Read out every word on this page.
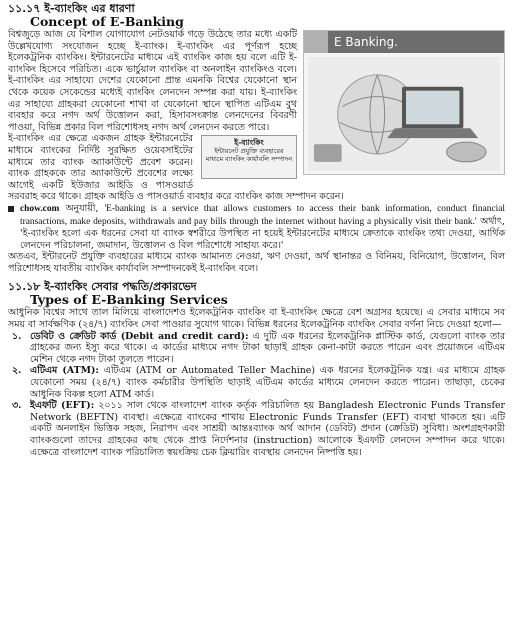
১১.১৭ ই-ব্যাংকিং এর ধারণা
Concept of E-Banking
E Banking.

বিশ্বজুড়ে আজ যে বিশাল যোগাযোগ নেটওয়ার্ক গড়ে উঠেছে তার মধ্যে একটি উল্লেখযোগ্য সংযোজন হচ্ছে ই-ব্যাংক। ই-ব্যাংকিং এর পূর্ণরূপ হচ্ছে ইলেকট্রনিক ব্যাংকিং। ইন্টারনেটের মাধ্যমে এই ব্যাংকিং কাজ হয় বলে এটি ই-ব্যাংকিং হিসেবে পরিচিত। একে ভার্চুয়াল ব্যাংকিং বা অনলাইন ব্যাংকিংও বলে। ই-ব্যাংকিং এর সাহায্যে দেশের যেকোনো প্রান্ত এমনকি বিশ্বের যেকোনো স্থান থেকে কয়েক সেকেন্ডের মধ্যেই ব্যাংকিং লেনদেন সম্পন্ন করা যায়। ই-ব্যাংকিং এর সাহায্যে গ্রাহকরা যেকোনো শাখা বা যেকোনো স্থানে স্থাপিত এটিএম বুথ ব্যবহার করে নগদ অর্থ উত্তোলন করা, হিসাবসংক্রান্ত লেনদেনের বিবরণী পাওয়া, বিভিন্ন প্রকার বিল পরিশোধসহ নগদ অর্থ লেনদেন করতে পারে।

ই-ব্যাংকিং
ইন্টারনেট প্রযুক্তি ব্যবহারের মাধ্যমে ব্যাংকিং কার্যাবলি সম্পাদন

ই-ব্যাংকিং এর ক্ষেত্রে একজন গ্রাহক ইন্টারনেটের মাধ্যমে ব্যাংকের নির্দিষ্ট সুরক্ষিত ওয়েবসাইটের মাধ্যমে তার ব্যাংক অ্যাকাউন্টে প্রবেশ করেন। ব্যাংক গ্রাহককে তার অ্যাকাউন্টে প্রবেশের লক্ষ্যে আগেই একটি ইউজার আইডি ও পাসওয়ার্ড সরবরাহ করে থাকে। গ্রাহক আইডি ও পাসওয়ার্ড ব্যবহার করে ব্যাংকিং কাজ সম্পাদন করেন।

chow.com অনুযায়ী, 'E-banking is a service that allows customers to access their bank information, conduct financial transactions, make deposits, withdrawals and pay bills through the internet without having a physically visit their bank.' অর্থাৎ, 'ই-ব্যাংকিং হলো এক ধরনের সেবা যা ব্যাংক স্বশরীরে উপস্থিত না হয়েই ইন্টারনেটের মাধ্যমে ক্রেতাকে ব্যাংকিং তথ্য দেওয়া, আর্থিক লেনদেন পরিচালনা, জমাদান, উত্তোলন ও বিল পরিশোধে সাহায্য করে।'

অতএব, ইন্টারনেট প্রযুক্তি ব্যবহারের মাধ্যমে ব্যাংক আমানত নেওয়া, ঋণ দেওয়া, অর্থ স্থানান্তর ও বিনিময়, বিনিয়োগ, উত্তোলন, বিল পরিশোধসহ যাবতীয় ব্যাংকিং কার্যাবলি সম্পাদনকেই ই-ব্যাংকিং বলে।

১১.১৮ ই-ব্যাংকিং সেবার পদ্ধতি/প্রকারভেদ
Types of E-Banking Services

আধুনিক বিশ্বের সাথে তাল মিলিয়ে বাংলাদেশও ইলেকট্রনিক ব্যাংকিং বা ই-ব্যাংকিং ক্ষেত্রে বেশ অগ্রসর হয়েছে। এ সেবার মাধ্যমে সব সময় বা সার্বক্ষণিক (২৪/৭) ব্যাংকিং সেবা পাওয়ার সুযোগ থাকে। বিভিন্ন ধরনের ইলেকট্রনিক ব্যাংকিং সেবার বর্ণনা নিচে দেওয়া হলো—

১. ডেবিট ও ক্রেডিট কার্ড (Debit and credit card): এ দুটি এক ধরনের ইলেকট্রনিক প্লাস্টিক কার্ড, যেগুলো ব্যাংক তার গ্রাহকের জন্য ইস্যু করে থাকে। এ কার্ডের মাধ্যমে নগদ টাকা ছাড়াই গ্রাহক কেনা-কাটা করতে পারেন এবং প্রয়োজনে এটিএম মেশিন থেকে নগদ টাকা তুলতে পারেন।
২. এটিএম (ATM): এটিএম (ATM or Automated Teller Machine) এক ধরনের ইলেকট্রনিক যন্ত্র। এর মাধ্যমে গ্রাহক যেকোনো সময় (২৪/৭) ব্যাংক কর্মচারীর উপস্থিতি ছাড়াই এটিএম কার্ডের মাধ্যমে লেনদেন করতে পারেন। তাছাড়া, চেকের আধুনিক বিকল্প হলো ATM কার্ড।
৩. ইএফটি (EFT): ২০১১ সাল থেকে বাংলাদেশ ব্যাংক কর্তৃক পরিচালিত হয় Bangladesh Electronic Funds Transfer Network (BEFTN) ব্যবস্থা। এক্ষেত্রে ব্যাংকের শাখায় Electronic Funds Transfer (EFT) ব্যবস্থা থাকতে হয়। এটি একটি অনলাইন ভিত্তিক সহজ, নিরাপদ এবং সাশ্রয়ী আন্তঃব্যাংক অর্থ আদান (ডেবিট) প্রদান (ক্রেডিট) সুবিধা। অংশগ্রহণকারী ব্যাংকগুলো তাদের গ্রাহকের কাছ থেকে প্রাপ্ত নির্দেশনার (instruction) আলোকে ইএফটি লেনদেন সম্পাদন করে থাকে। এক্ষেত্রে বাংলাদেশ ব্যাংক পরিচালিত স্বয়ংক্রিয় চেক ক্লিয়ারিং ব্যবস্থায় লেনদেন নিষ্পত্তি হয়।
